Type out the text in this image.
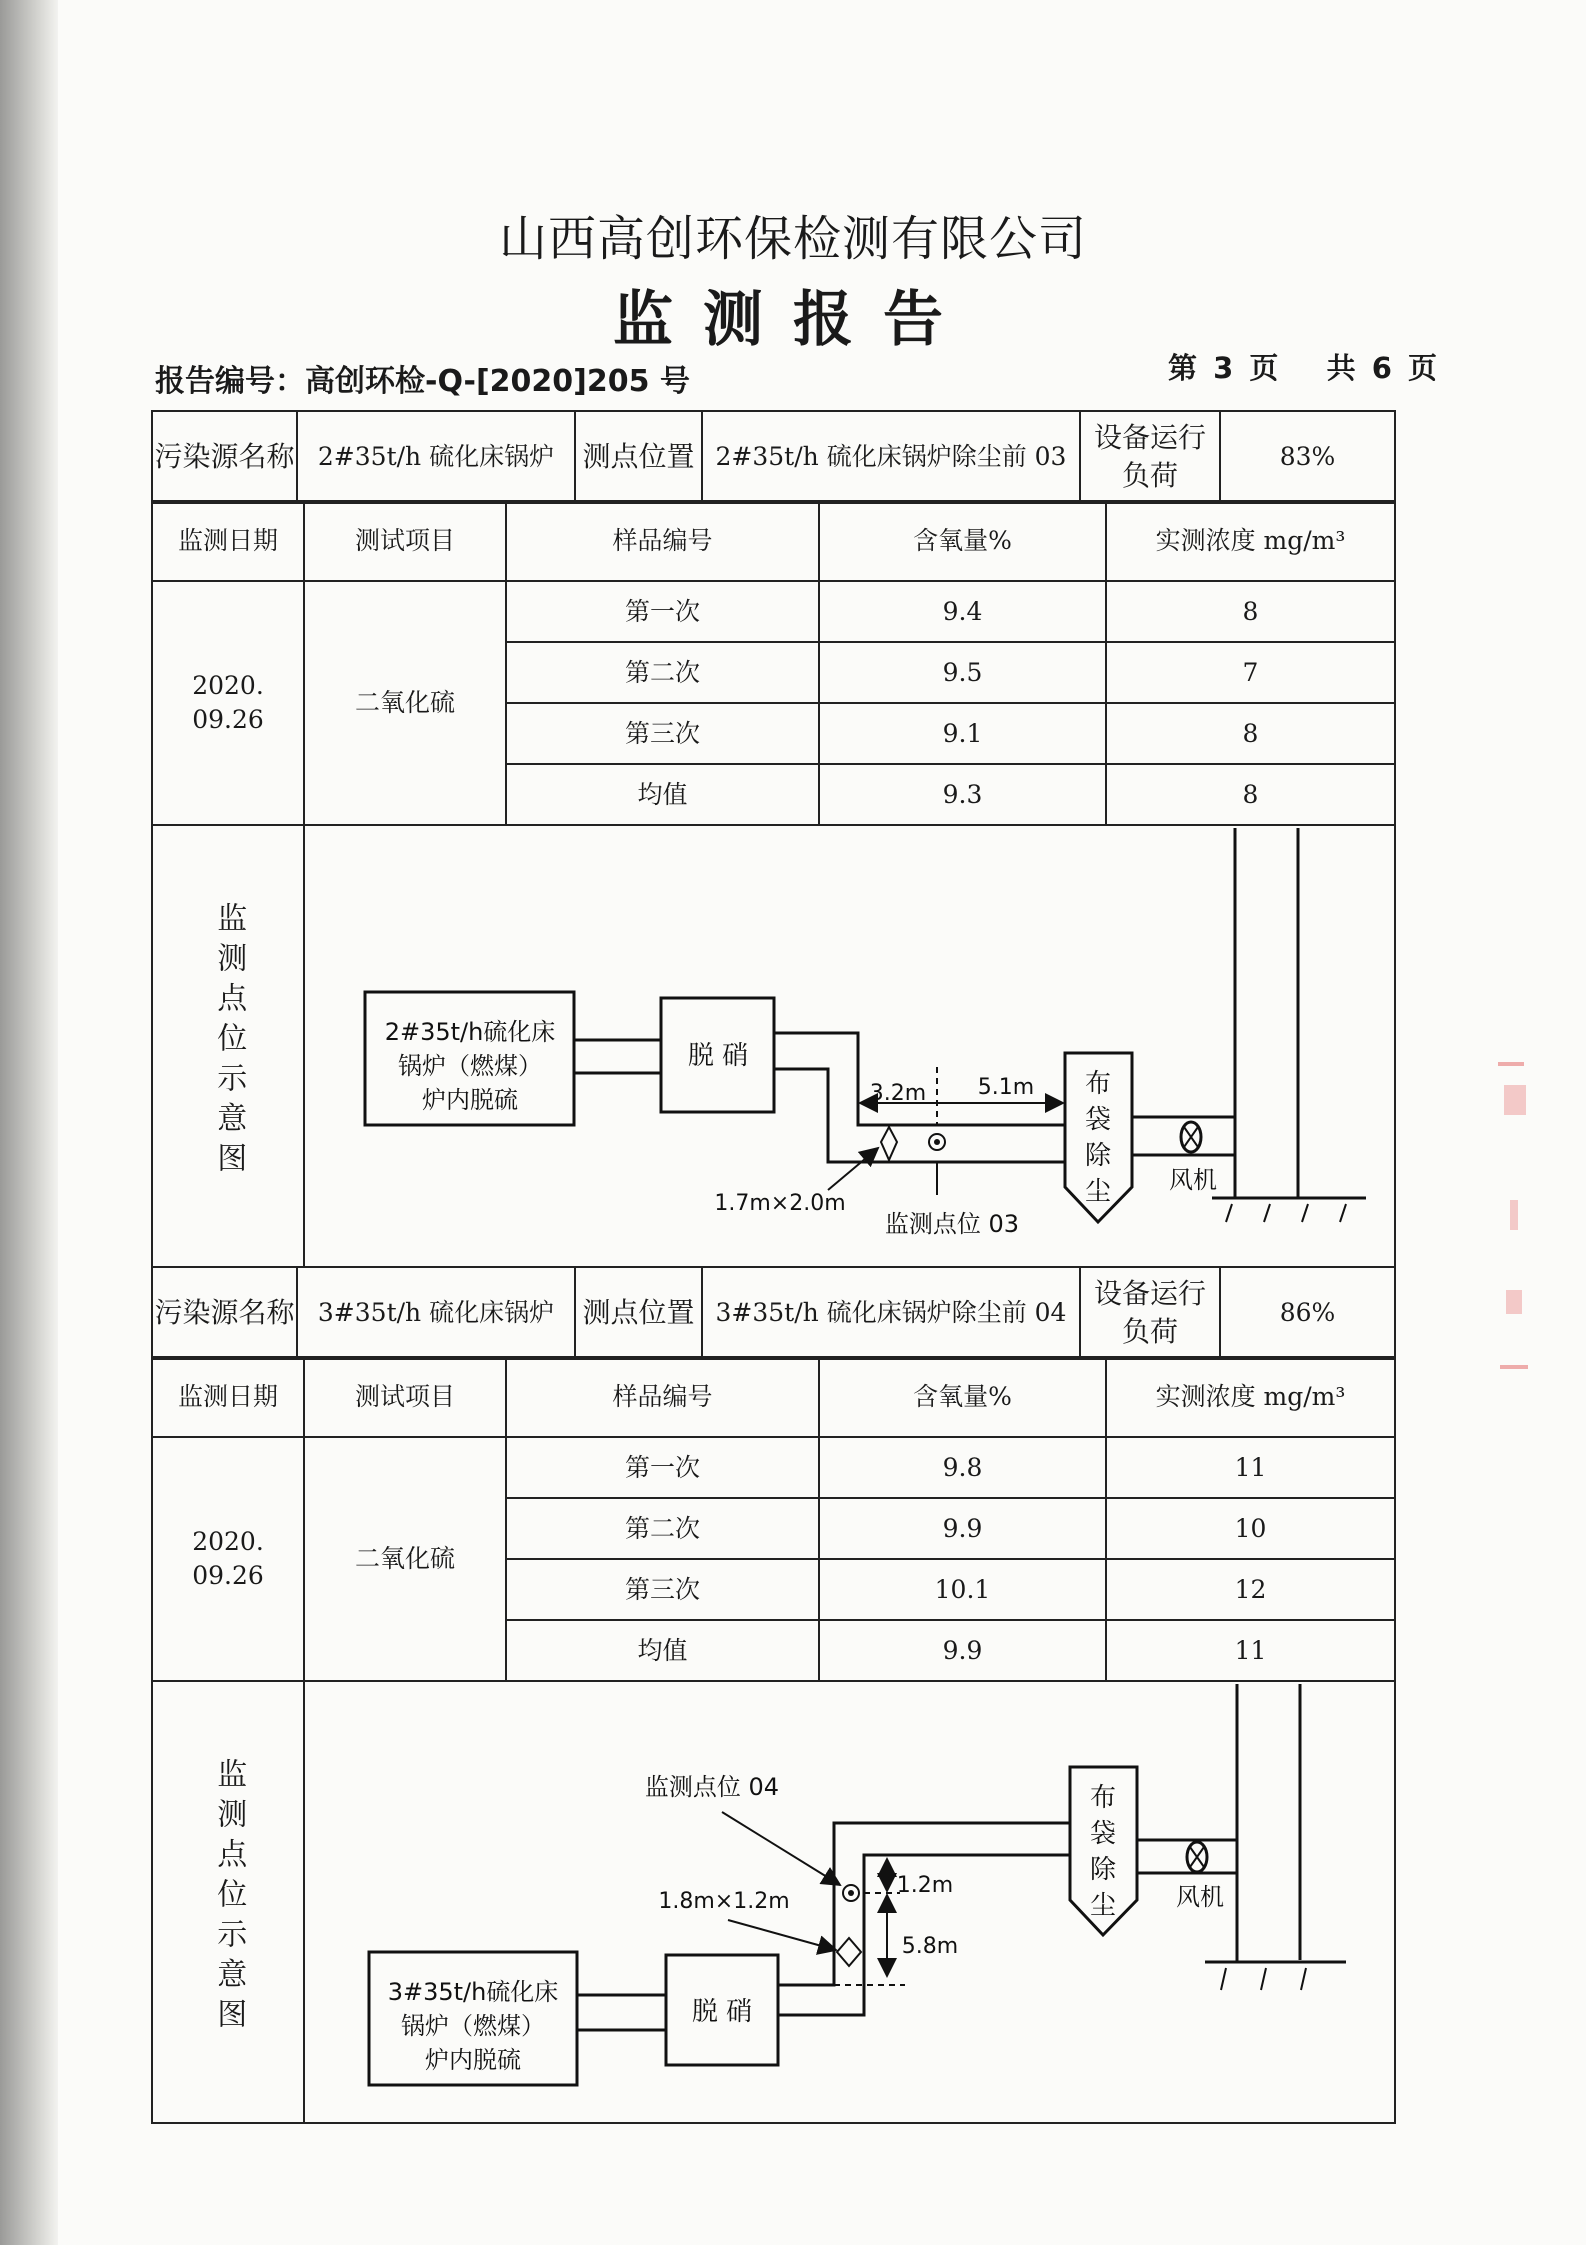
山西高创环保检测有限公司
监测报告
报告编号：高创环检-Q-[2020]205 号	第 3 页 共 6 页
污染源名称	2#35t/h 硫化床锅炉	测点位置	2#35t/h 硫化床锅炉除尘前 03	设备运行负荷	83%
监测日期	测试项目	样品编号	含氧量%	实测浓度 mg/m³
2020.
09.26	二氧化硫	第一次	9.4	8
		第二次	9.5	7
		第三次	9.1	8
		均值	9.3	8
监测点位示意图				
污染源名称	3#35t/h 硫化床锅炉	测点位置	3#35t/h 硫化床锅炉除尘前 04	设备运行负荷	86%
监测日期	测试项目	样品编号	含氧量%	实测浓度 mg/m³
2020.
09.26	二氧化硫	第一次	9.8	11
		第二次	9.9	10
		第三次	10.1	12
		均值	9.9	11
监测点位示意图				
2#35t/h硫化床
锅炉（燃煤）
炉内脱硫
脱 硝
布
袋
除
尘 风机
3.2m 5.1m
1.7m×2.0m
监测点位 03
3#35t/h硫化床
锅炉（燃煤）
炉内脱硫
脱 硝
布
袋
除
尘 风机
1.2m
5.8m
监测点位 04
1.8m×1.2m
